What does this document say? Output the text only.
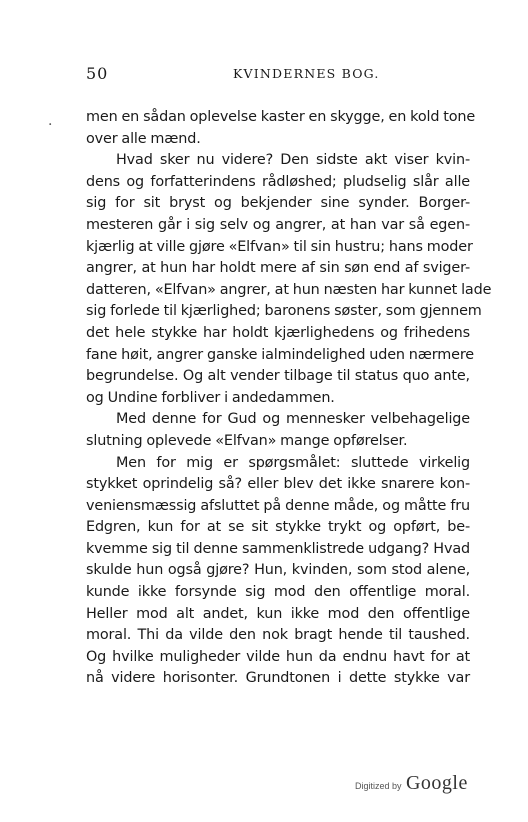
50	KVINDERNES BOG.
· men en sådan oplevelse kaster en skygge, en kold tone
over alle mænd.
Hvad sker nu videre? Den sidste akt viser kvin-
dens og forfatterindens rådløshed; pludselig slår alle
sig for sit bryst og bekjender sine synder. Borger-
mesteren går i sig selv og angrer, at han var så egen-
kjærlig at ville gjøre «Elfvan» til sin hustru; hans moder
angrer, at hun har holdt mere af sin søn end af sviger-
datteren, «Elfvan» angrer, at hun næsten har kunnet lade
sig forlede til kjærlighed; baronens søster, som gjennem
det hele stykke har holdt kjærlighedens og frihedens
fane høit, angrer ganske ialmindelighed uden nærmere
begrundelse. Og alt vender tilbage til status quo ante,
og Undine forbliver i andedammen.
Med denne for Gud og mennesker velbehagelige
slutning oplevede «Elfvan» mange opførelser.
Men for mig er spørgsmålet: sluttede virkelig
stykket oprindelig så? eller blev det ikke snarere kon-
veniensmæssig afsluttet på denne måde, og måtte fru
Edgren, kun for at se sit stykke trykt og opført, be-
kvemme sig til denne sammenklistrede udgang? Hvad
skulde hun også gjøre? Hun, kvinden, som stod alene,
kunde ikke forsynde sig mod den offentlige moral.
Heller mod alt andet, kun ikke mod den offentlige
moral. Thi da vilde den nok bragt hende til taushed.
Og hvilke muligheder vilde hun da endnu havt for at
nå videre horisonter. Grundtonen i dette stykke var
Digitized by Google
